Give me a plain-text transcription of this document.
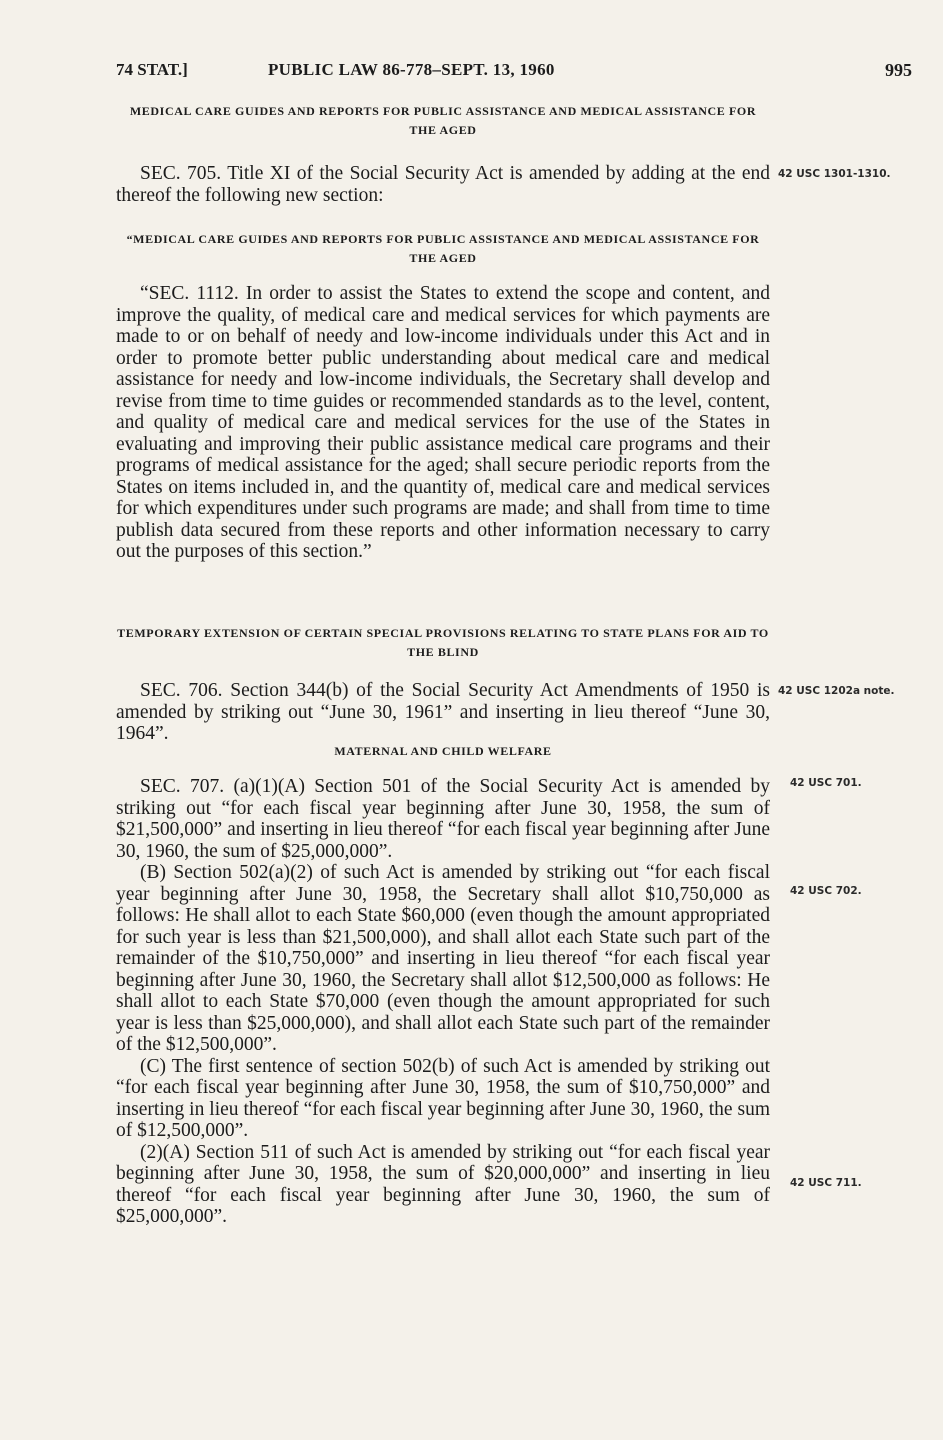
74 STAT.]	PUBLIC LAW 86-778–SEPT. 13, 1960	995

MEDICAL CARE GUIDES AND REPORTS FOR PUBLIC ASSISTANCE AND MEDICAL ASSISTANCE FOR THE AGED

SEC. 705. Title XI of the Social Security Act is amended by adding at the end thereof the following new section:

“MEDICAL CARE GUIDES AND REPORTS FOR PUBLIC ASSISTANCE AND MEDICAL ASSISTANCE FOR THE AGED

“SEC. 1112. In order to assist the States to extend the scope and content, and improve the quality, of medical care and medical services for which payments are made to or on behalf of needy and low-income individuals under this Act and in order to promote better public understanding about medical care and medical assistance for needy and low-income individuals, the Secretary shall develop and revise from time to time guides or recommended standards as to the level, content, and quality of medical care and medical services for the use of the States in evaluating and improving their public assistance medical care programs and their programs of medical assistance for the aged; shall secure periodic reports from the States on items included in, and the quantity of, medical care and medical services for which expenditures under such programs are made; and shall from time to time publish data secured from these reports and other information necessary to carry out the purposes of this section.”

TEMPORARY EXTENSION OF CERTAIN SPECIAL PROVISIONS RELATING TO STATE PLANS FOR AID TO THE BLIND

SEC. 706. Section 344(b) of the Social Security Act Amendments of 1950 is amended by striking out “June 30, 1961” and inserting in lieu thereof “June 30, 1964”.

MATERNAL AND CHILD WELFARE

SEC. 707. (a)(1)(A) Section 501 of the Social Security Act is amended by striking out “for each fiscal year beginning after June 30, 1958, the sum of $21,500,000” and inserting in lieu thereof “for each fiscal year beginning after June 30, 1960, the sum of $25,000,000”.

(B) Section 502(a)(2) of such Act is amended by striking out “for each fiscal year beginning after June 30, 1958, the Secretary shall allot $10,750,000 as follows: He shall allot to each State $60,000 (even though the amount appropriated for such year is less than $21,500,000), and shall allot each State such part of the remainder of the $10,750,000” and inserting in lieu thereof “for each fiscal year beginning after June 30, 1960, the Secretary shall allot $12,500,000 as follows: He shall allot to each State $70,000 (even though the amount appropriated for such year is less than $25,000,000), and shall allot each State such part of the remainder of the $12,500,000”.

(C) The first sentence of section 502(b) of such Act is amended by striking out “for each fiscal year beginning after June 30, 1958, the sum of $10,750,000” and inserting in lieu thereof “for each fiscal year beginning after June 30, 1960, the sum of $12,500,000”.

(2)(A) Section 511 of such Act is amended by striking out “for each fiscal year beginning after June 30, 1958, the sum of $20,000,000” and inserting in lieu thereof “for each fiscal year beginning after June 30, 1960, the sum of $25,000,000”.

42 USC 1301-1310.
42 USC 1202a note.
42 USC 701.
42 USC 702.
42 USC 711.
